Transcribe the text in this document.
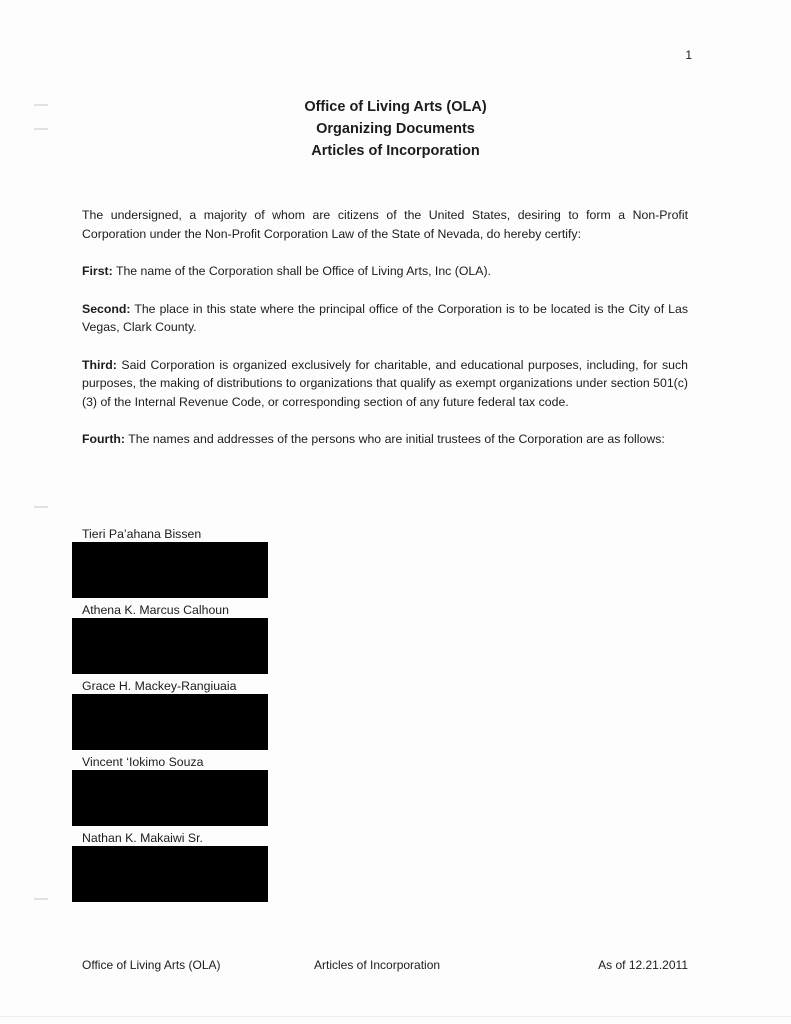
1
Office of Living Arts (OLA)
Organizing Documents
Articles of Incorporation

The undersigned, a majority of whom are citizens of the United States, desiring to form a Non-Profit Corporation under the Non-Profit Corporation Law of the State of Nevada, do hereby certify:

First: The name of the Corporation shall be Office of Living Arts, Inc (OLA).

Second: The place in this state where the principal office of the Corporation is to be located is the City of Las Vegas, Clark County.

Third: Said Corporation is organized exclusively for charitable, and educational purposes, including, for such purposes, the making of distributions to organizations that qualify as exempt organizations under section 501(c)(3) of the Internal Revenue Code, or corresponding section of any future federal tax code.

Fourth: The names and addresses of the persons who are initial trustees of the Corporation are as follows:

Tieri Pa’ahana Bissen
Athena K. Marcus Calhoun
Grace H. Mackey-Rangiuaia
Vincent ‘Iokimo Souza
Nathan K. Makaiwi Sr.
Office of Living Arts (OLA)	Articles of Incorporation	As of 12.21.2011
